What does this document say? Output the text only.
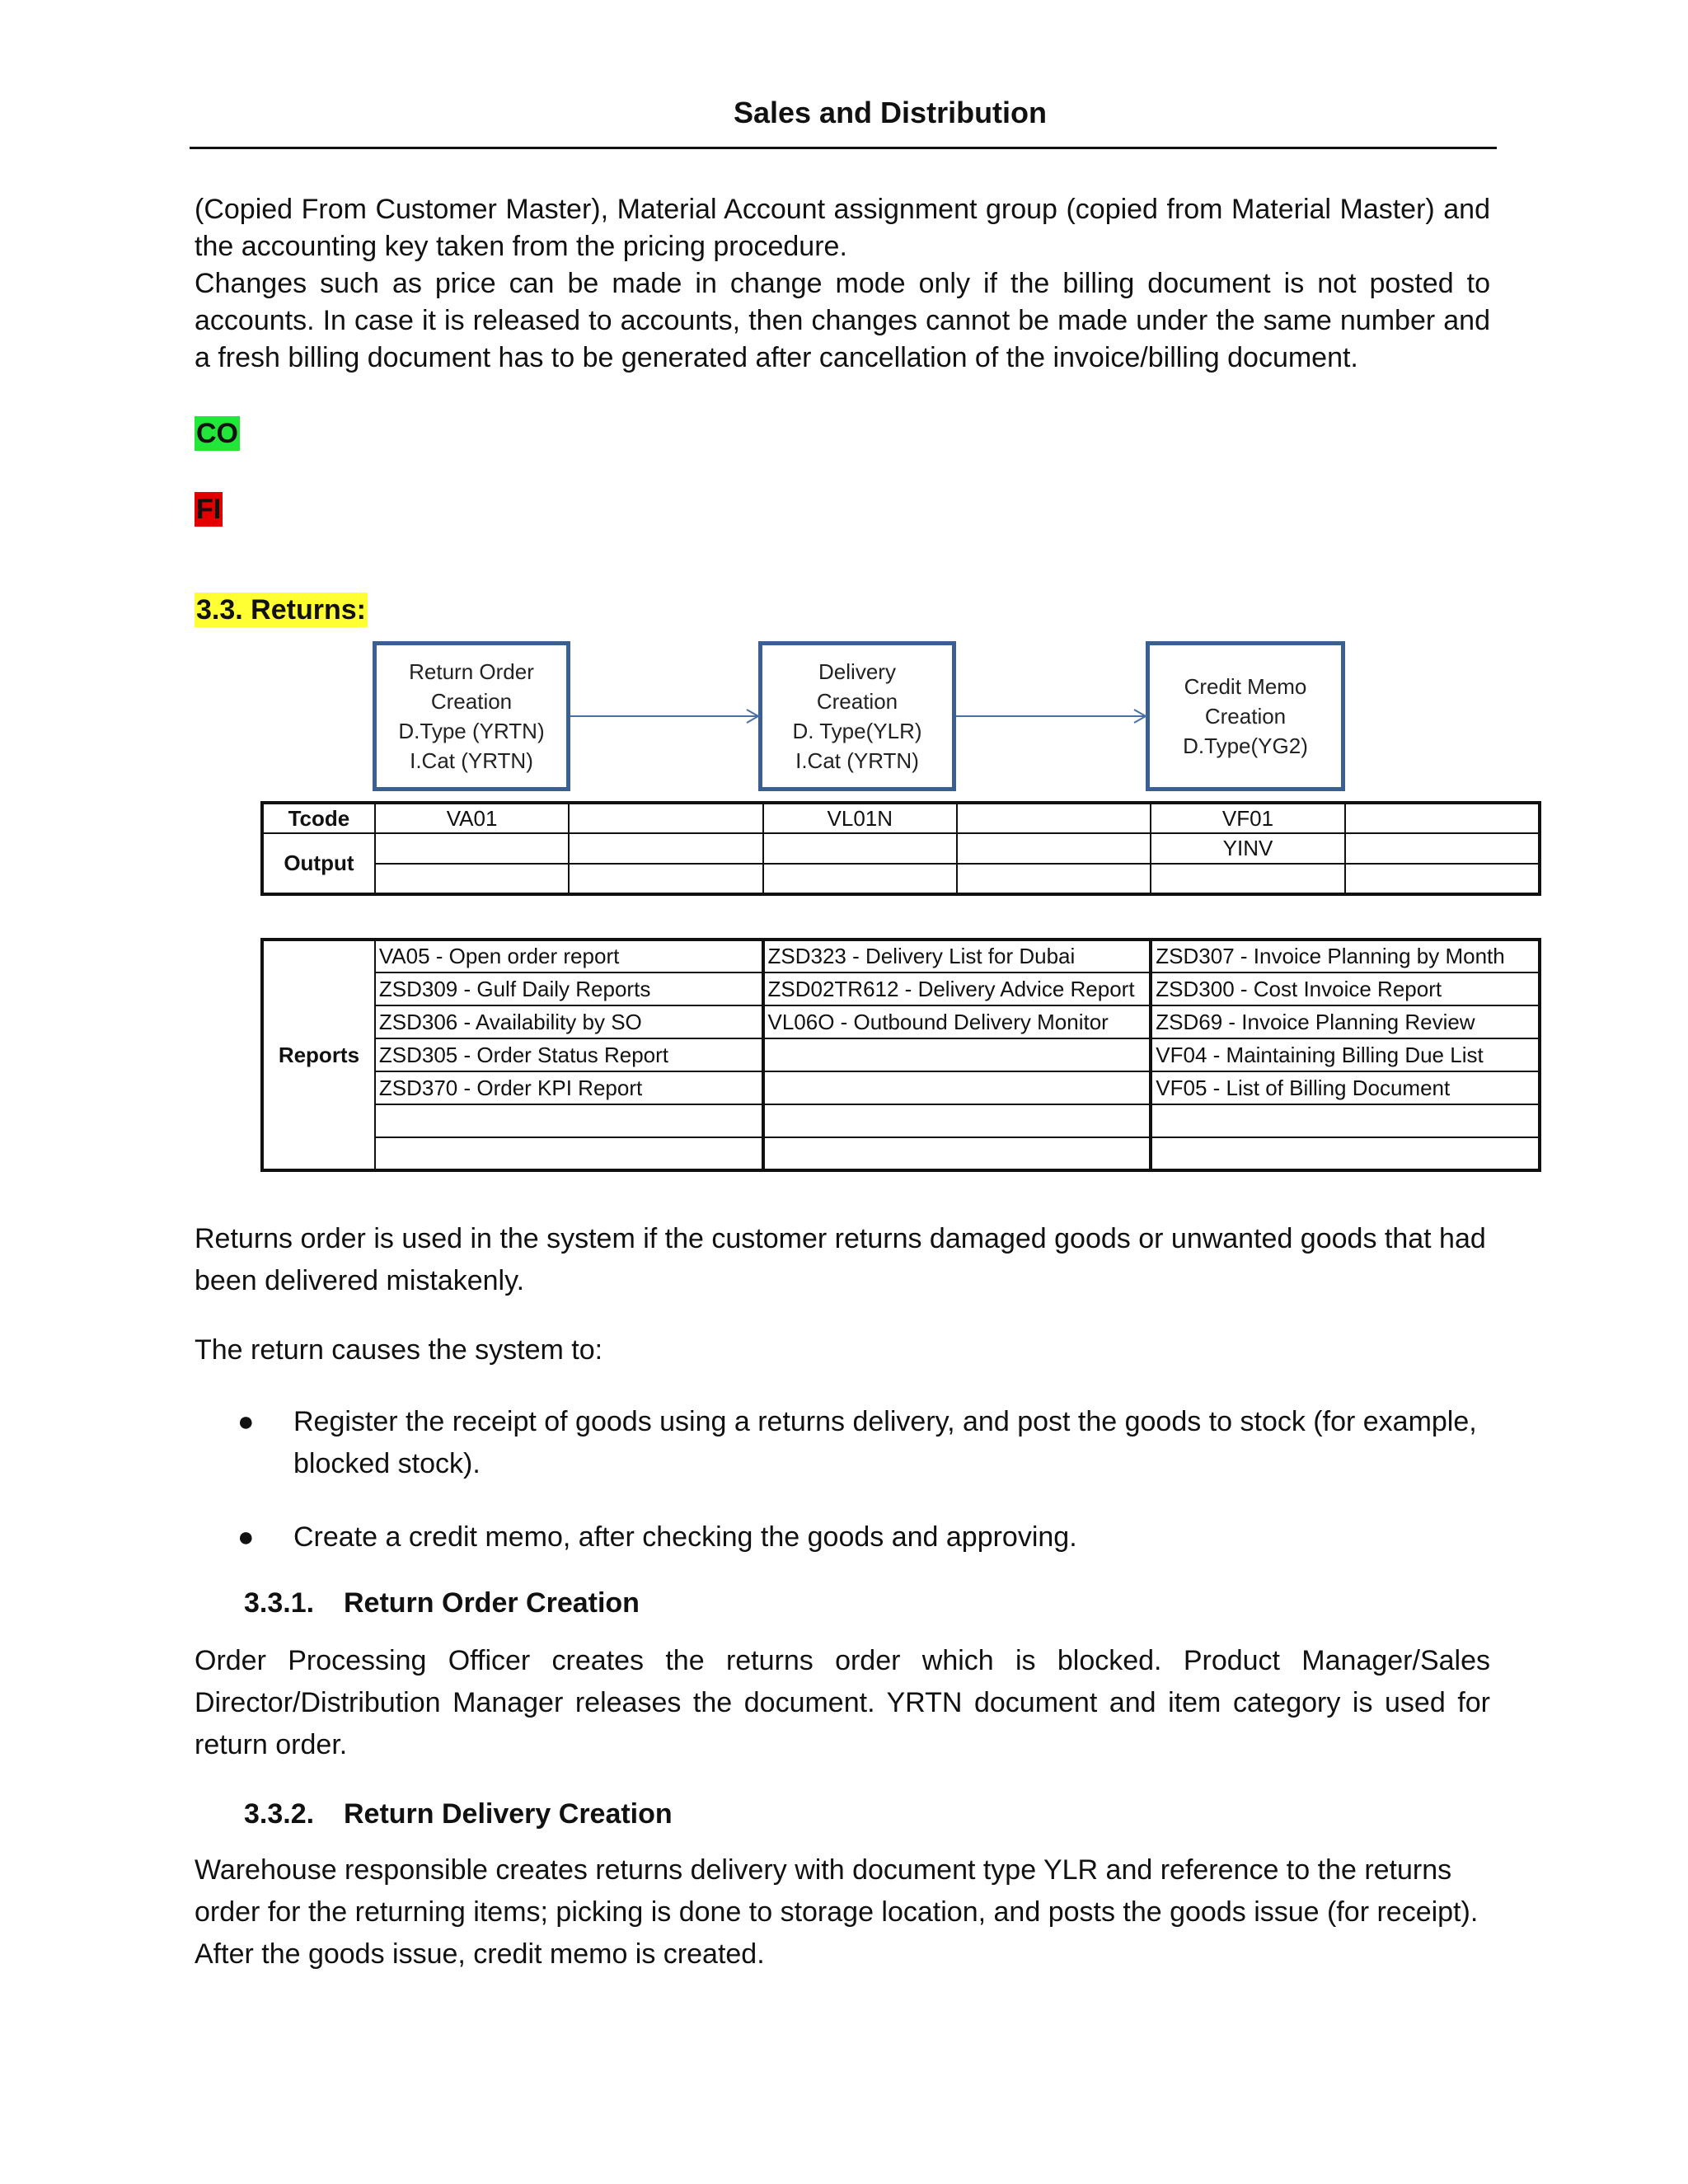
Sales and Distribution

(Copied From Customer Master), Material Account assignment group (copied from Material Master) and the accounting key taken from the pricing procedure.

Changes such as price can be made in change mode only if the billing document is not posted to accounts. In case it is released to accounts, then changes cannot be made under the same number and a fresh billing document has to be generated after cancellation of the invoice/billing document.

CO
FI
3.3. Returns:
Return Order
Creation
D.Type (YRTN)
I.Cat (YRTN)
Delivery
Creation
D. Type(YLR)
I.Cat (YRTN)
Credit Memo
Creation
D.Type(YG2)
Tcode	VA01		VL01N		VF01	
Output					YINV	

Reports	VA05 - Open order report	ZSD323 - Delivery List for Dubai	ZSD307 - Invoice Planning by Month
	ZSD309 - Gulf Daily Reports	ZSD02TR612 - Delivery Advice Report	ZSD300 - Cost Invoice Report
	ZSD306 - Availability by SO	VL06O - Outbound Delivery Monitor	ZSD69 - Invoice Planning Review
	ZSD305 - Order Status Report		VF04 - Maintaining Billing Due List
	ZSD370 - Order KPI Report		VF05 - List of Billing Document

Returns order is used in the system if the customer returns damaged goods or unwanted goods that had been delivered mistakenly.
The return causes the system to:
● Register the receipt of goods using a returns delivery, and post the goods to stock (for example, blocked stock).
● Create a credit memo, after checking the goods and approving.
3.3.1. Return Order Creation
Order Processing Officer creates the returns order which is blocked. Product Manager/Sales Director/Distribution Manager releases the document. YRTN document and item category is used for return order.
3.3.2. Return Delivery Creation
Warehouse responsible creates returns delivery with document type YLR and reference to the returns order for the returning items; picking is done to storage location, and posts the goods issue (for receipt). After the goods issue, credit memo is created.
